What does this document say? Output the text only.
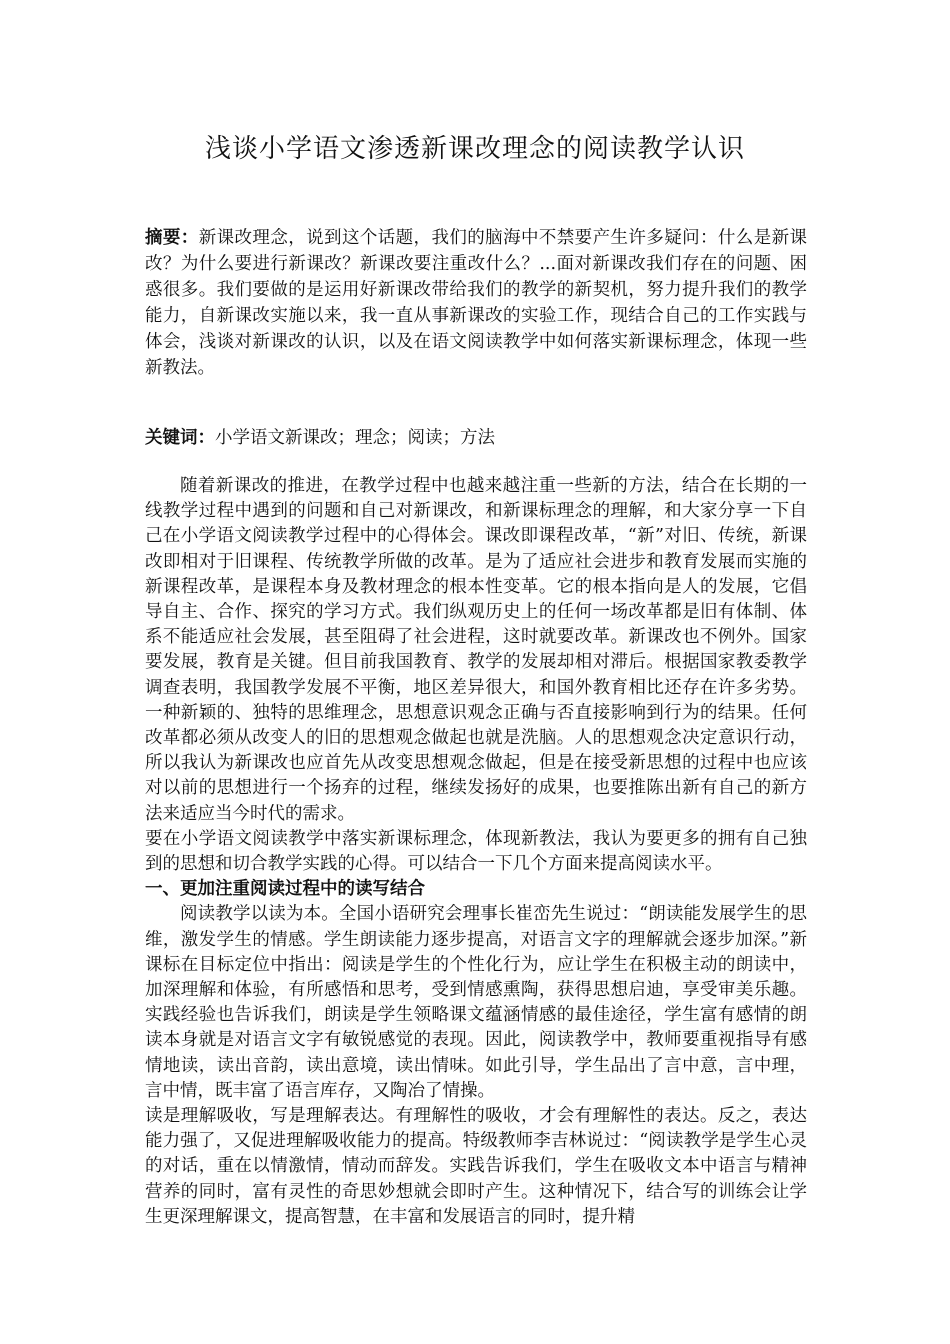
浅谈小学语文渗透新课改理念的阅读教学认识

摘要：新课改理念，说到这个话题，我们的脑海中不禁要产生许多疑问：什么是新课改？为什么要进行新课改？新课改要注重改什么？...面对新课改我们存在的问题、困惑很多。我们要做的是运用好新课改带给我们的教学的新契机，努力提升我们的教学能力，自新课改实施以来，我一直从事新课改的实验工作，现结合自己的工作实践与体会，浅谈对新课改的认识，以及在语文阅读教学中如何落实新课标理念，体现一些新教法。

关键词：小学语文新课改；理念；阅读；方法

随着新课改的推进，在教学过程中也越来越注重一些新的方法，结合在长期的一线教学过程中遇到的问题和自己对新课改，和新课标理念的理解，和大家分享一下自己在小学语文阅读教学过程中的心得体会。课改即课程改革，“新”对旧、传统，新课改即相对于旧课程、传统教学所做的改革。是为了适应社会进步和教育发展而实施的新课程改革，是课程本身及教材理念的根本性变革。它的根本指向是人的发展，它倡导自主、合作、探究的学习方式。我们纵观历史上的任何一场改革都是旧有体制、体系不能适应社会发展，甚至阻碍了社会进程，这时就要改革。新课改也不例外。国家要发展，教育是关键。但目前我国教育、教学的发展却相对滞后。根据国家教委教学调查表明，我国教学发展不平衡，地区差异很大，和国外教育相比还存在许多劣势。一种新颖的、独特的思维理念，思想意识观念正确与否直接影响到行为的结果。任何改革都必须从改变人的旧的思想观念做起也就是洗脑。人的思想观念决定意识行动，所以我认为新课改也应首先从改变思想观念做起，但是在接受新思想的过程中也应该对以前的思想进行一个扬弃的过程，继续发扬好的成果，也要推陈出新有自己的新方法来适应当今时代的需求。

要在小学语文阅读教学中落实新课标理念，体现新教法，我认为要更多的拥有自己独到的思想和切合教学实践的心得。可以结合一下几个方面来提高阅读水平。

一、更加注重阅读过程中的读写结合

阅读教学以读为本。全国小语研究会理事长崔峦先生说过：“朗读能发展学生的思维，激发学生的情感。学生朗读能力逐步提高，对语言文字的理解就会逐步加深。”新课标在目标定位中指出：阅读是学生的个性化行为，应让学生在积极主动的朗读中，加深理解和体验，有所感悟和思考，受到情感熏陶，获得思想启迪，享受审美乐趣。实践经验也告诉我们，朗读是学生领略课文蕴涵情感的最佳途径，学生富有感情的朗读本身就是对语言文字有敏锐感觉的表现。因此，阅读教学中，教师要重视指导有感情地读，读出音韵，读出意境，读出情味。如此引导，学生品出了言中意，言中理，言中情，既丰富了语言库存，又陶冶了情操。

读是理解吸收，写是理解表达。有理解性的吸收，才会有理解性的表达。反之，表达能力强了，又促进理解吸收能力的提高。特级教师李吉林说过：“阅读教学是学生心灵的对话，重在以情激情，情动而辞发。实践告诉我们，学生在吸收文本中语言与精神营养的同时，富有灵性的奇思妙想就会即时产生。这种情况下，结合写的训练会让学生更深理解课文，提高智慧，在丰富和发展语言的同时，提升精
